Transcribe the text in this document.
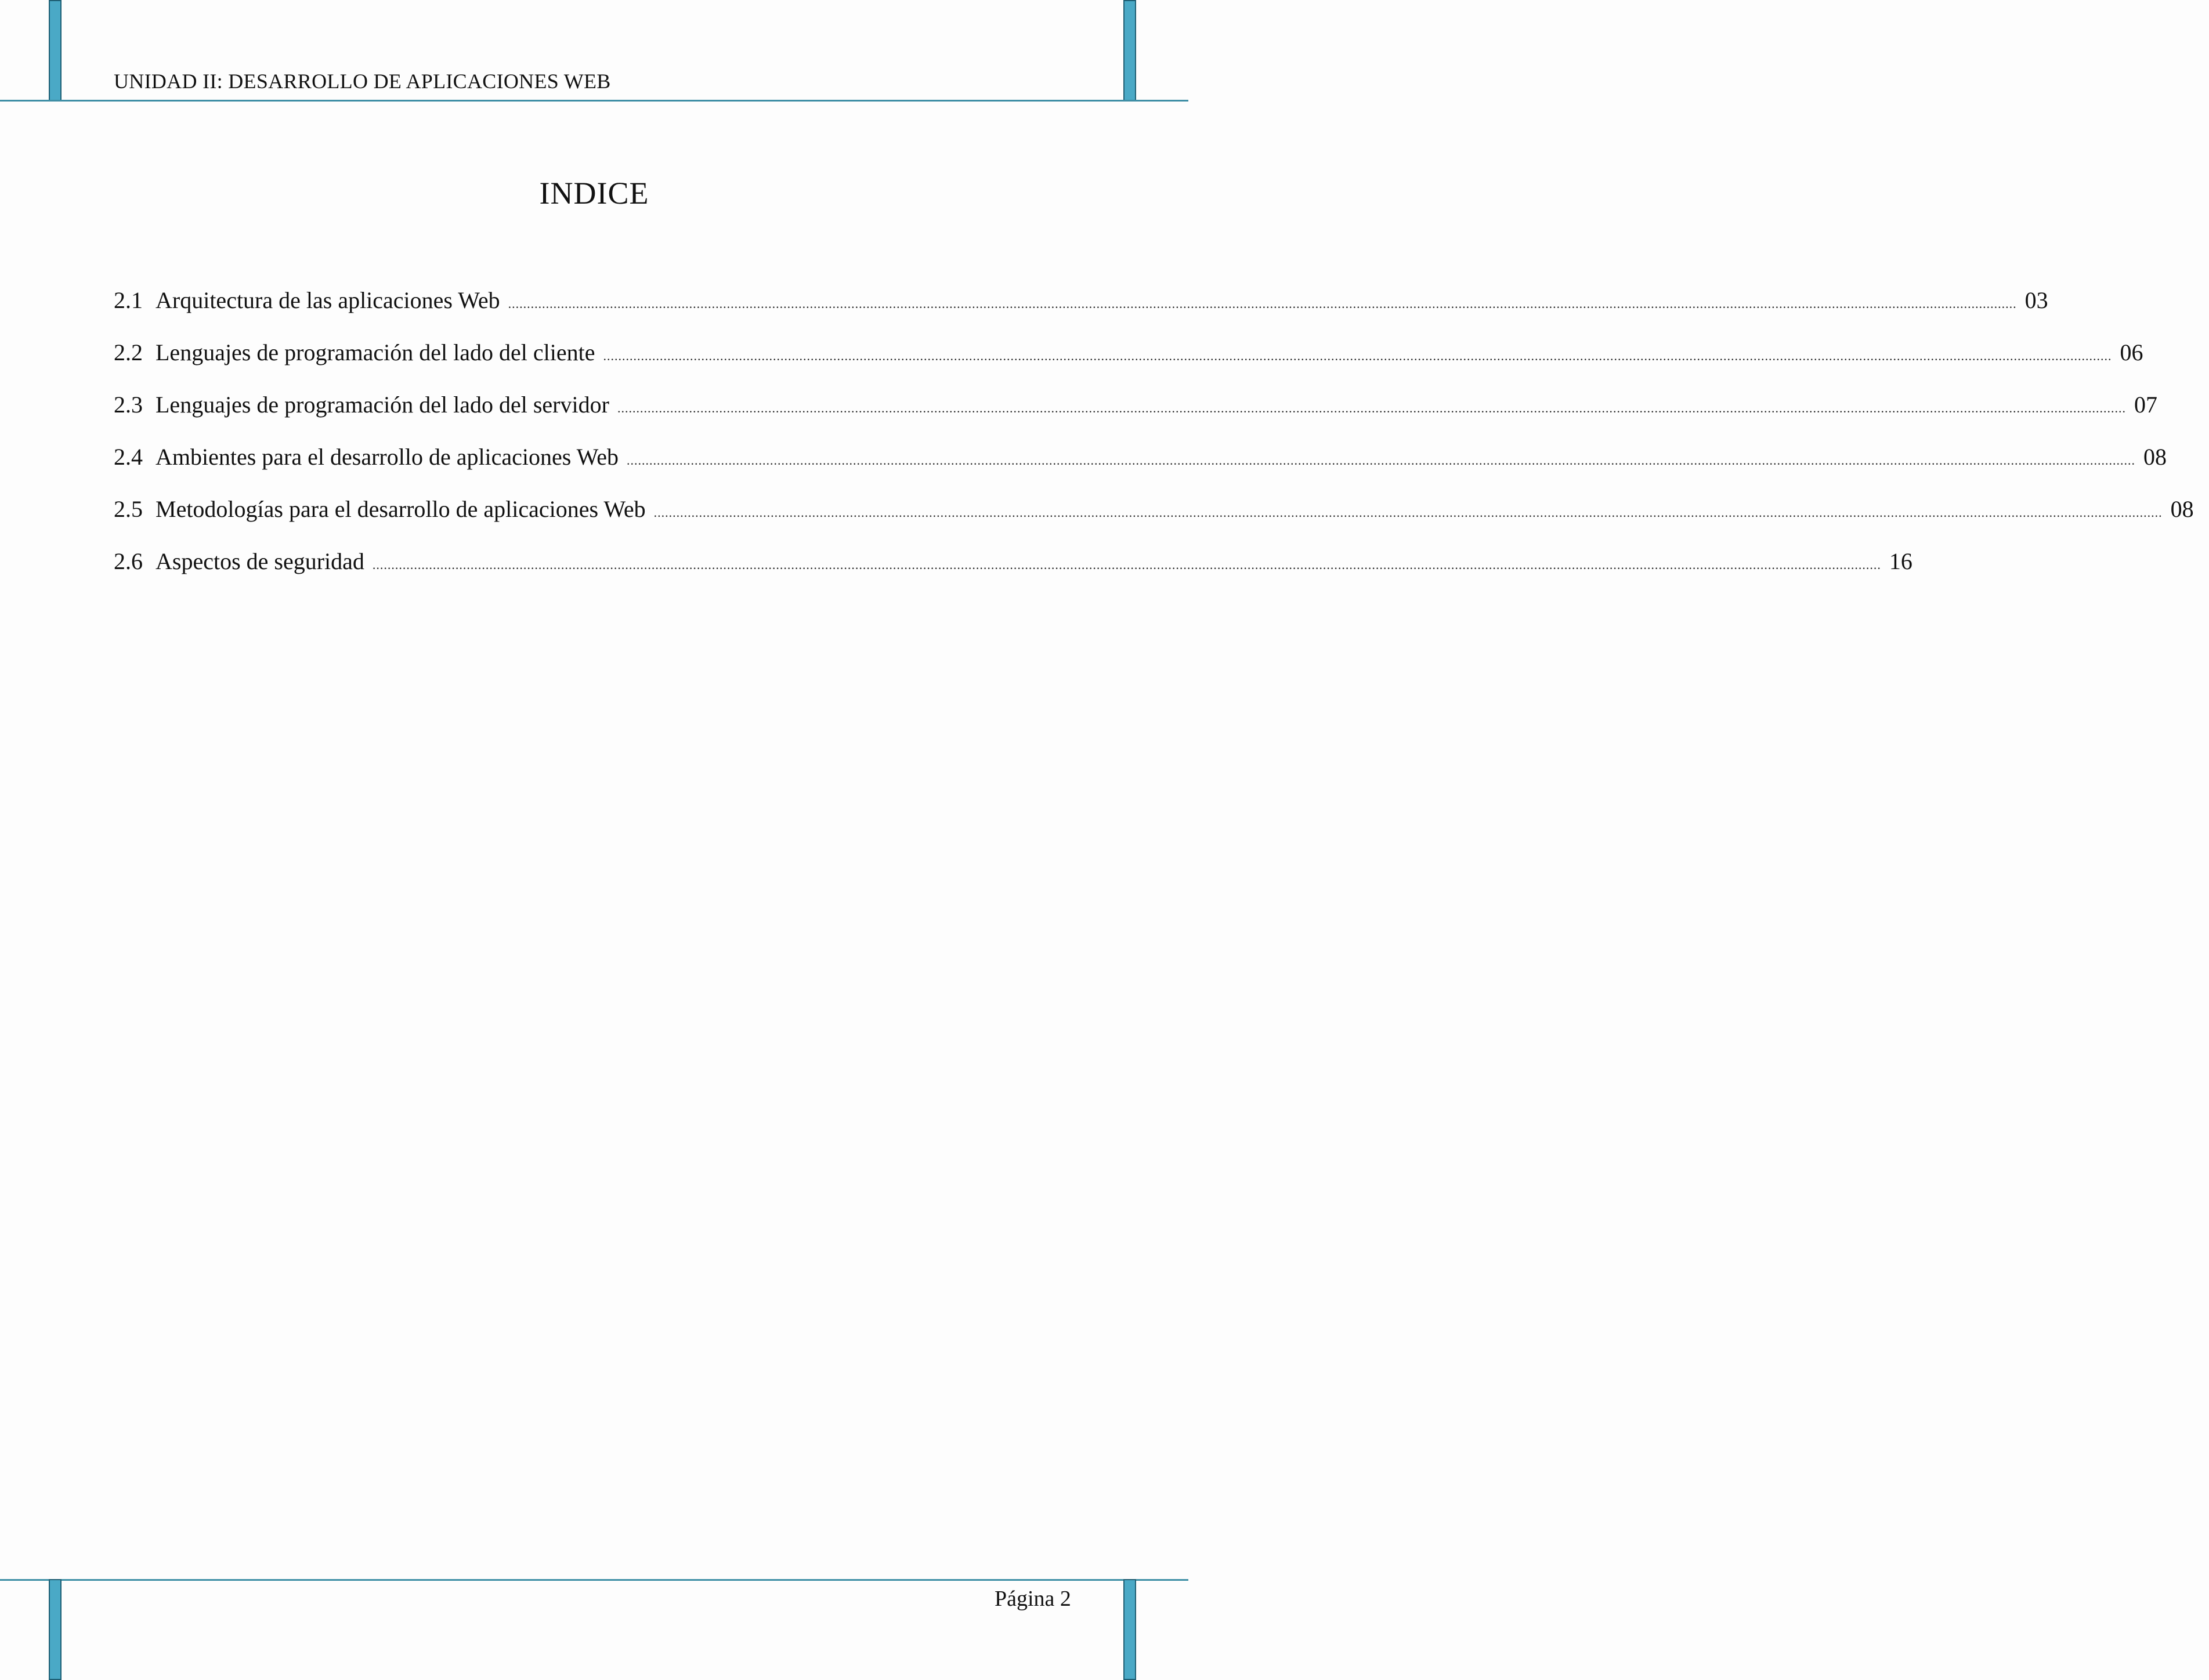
UNIDAD II: DESARROLLO DE APLICACIONES WEB
INDICE
2.1 Arquitectura de las aplicaciones Web ................................................................................................................................................................................................................................................................................................................................................................................................................ 03
2.2 Lenguajes de programación del lado del cliente ................................................................................................................................................................................................................................................................................................................................................................................................................ 06
2.3 Lenguajes de programación del lado del servidor ................................................................................................................................................................................................................................................................................................................................................................................................................ 07
2.4 Ambientes para el desarrollo de aplicaciones Web ................................................................................................................................................................................................................................................................................................................................................................................................................ 08
2.5 Metodologías para el desarrollo de aplicaciones Web ................................................................................................................................................................................................................................................................................................................................................................................................................ 08
2.6 Aspectos de seguridad ................................................................................................................................................................................................................................................................................................................................................................................................................ 16
Página 2
